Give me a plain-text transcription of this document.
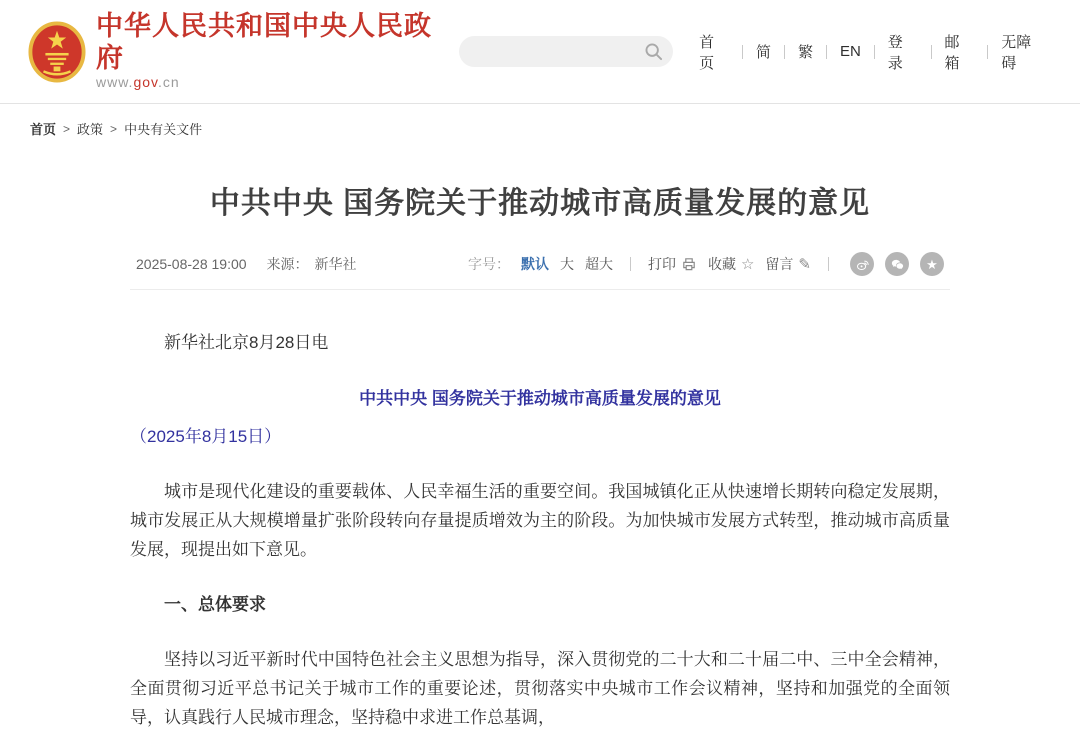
中华人民共和国中央人民政府
www.gov.cn
首页
简 繁 EN
登录
邮箱
无障碍
首页 > 政策 > 中央有关文件
中共中央 国务院关于推动城市高质量发展的意见
2025-08-28 19:00 来源： 新华社	字号： 默认 大 超大	打印 收藏 ☆ 留言 ✎	★

新华社北京8月28日电

中共中央 国务院关于推动城市高质量发展的意见

（2025年8月15日）

城市是现代化建设的重要载体、人民幸福生活的重要空间。我国城镇化正从快速增长期转向稳定发展期，城市发展正从大规模增量扩张阶段转向存量提质增效为主的阶段。为加快城市发展方式转型，推动城市高质量发展，现提出如下意见。

一、总体要求

坚持以习近平新时代中国特色社会主义思想为指导，深入贯彻党的二十大和二十届二中、三中全会精神，全面贯彻习近平总书记关于城市工作的重要论述，贯彻落实中央城市工作会议精神，坚持和加强党的全面领导，认真践行人民城市理念，坚持稳中求进工作总基调，
